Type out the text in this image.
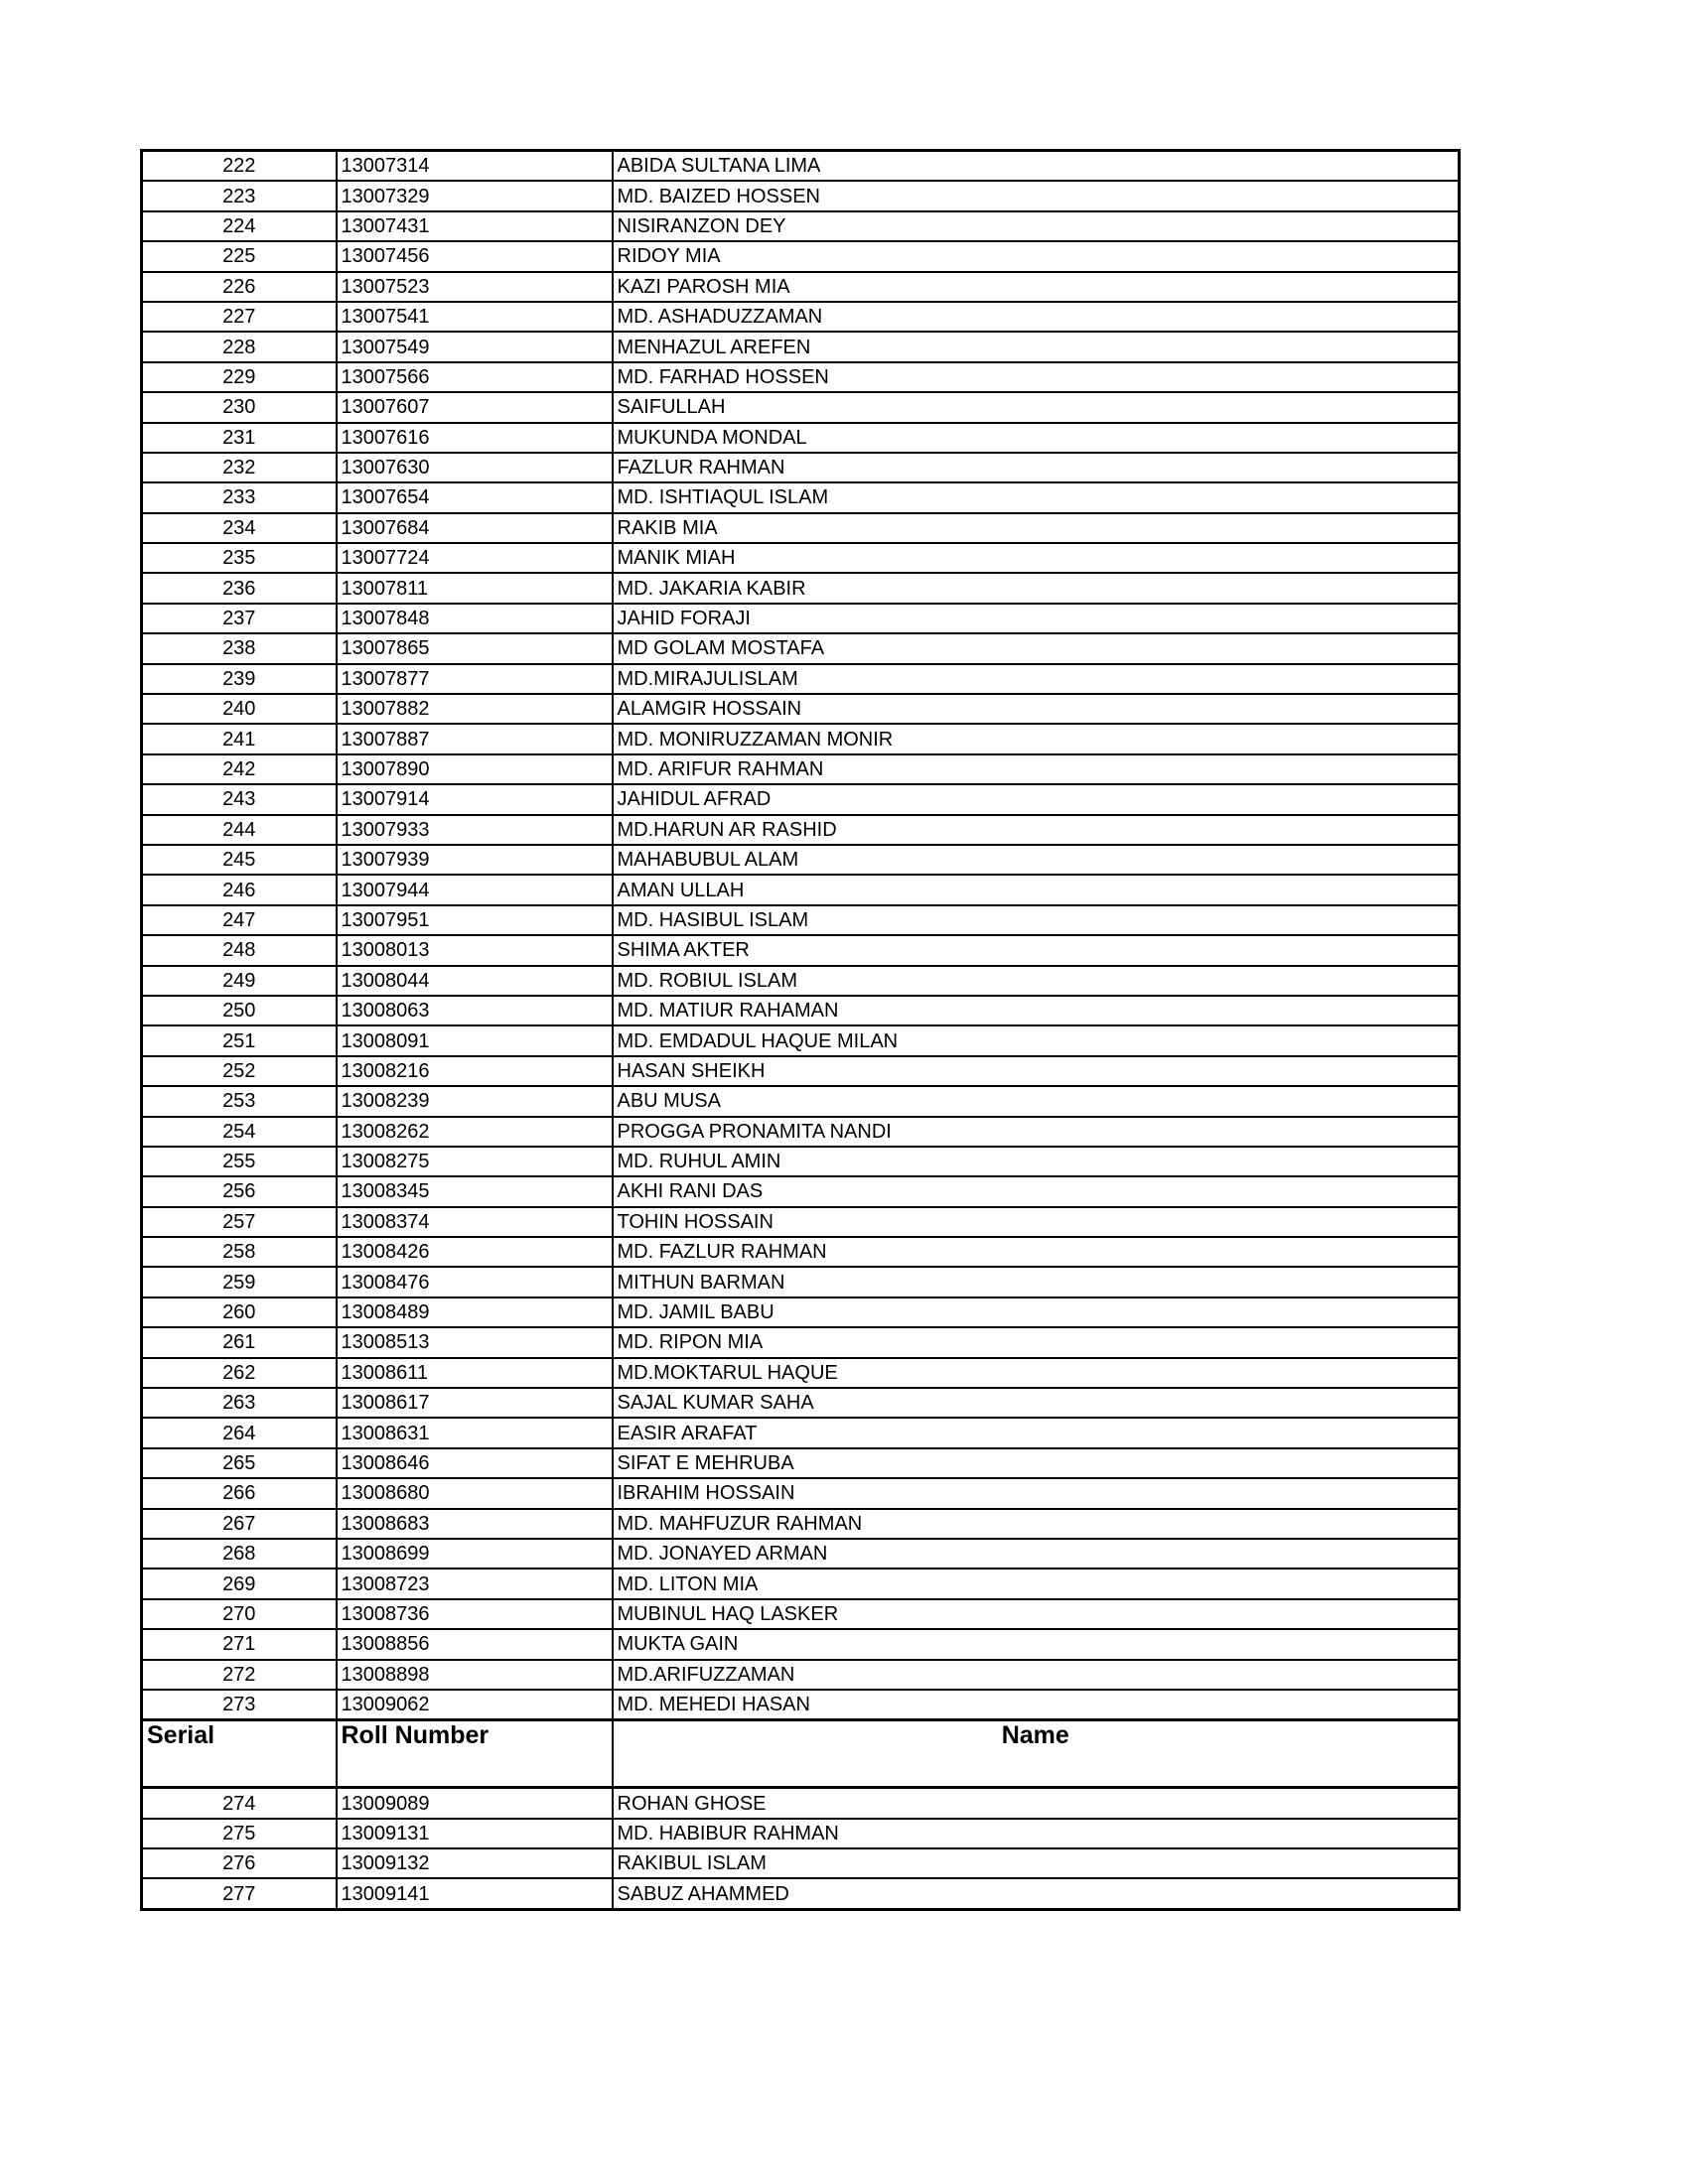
222	13007314	ABIDA SULTANA LIMA
223	13007329	MD. BAIZED HOSSEN
224	13007431	NISIRANZON DEY
225	13007456	RIDOY MIA
226	13007523	KAZI PAROSH MIA
227	13007541	MD. ASHADUZZAMAN
228	13007549	MENHAZUL AREFEN
229	13007566	MD. FARHAD HOSSEN
230	13007607	SAIFULLAH
231	13007616	MUKUNDA MONDAL
232	13007630	FAZLUR RAHMAN
233	13007654	MD. ISHTIAQUL ISLAM
234	13007684	RAKIB MIA
235	13007724	MANIK MIAH
236	13007811	MD. JAKARIA KABIR
237	13007848	JAHID FORAJI
238	13007865	MD GOLAM MOSTAFA
239	13007877	MD.MIRAJULISLAM
240	13007882	ALAMGIR HOSSAIN
241	13007887	MD. MONIRUZZAMAN MONIR
242	13007890	MD. ARIFUR RAHMAN
243	13007914	JAHIDUL AFRAD
244	13007933	MD.HARUN AR RASHID
245	13007939	MAHABUBUL ALAM
246	13007944	AMAN ULLAH
247	13007951	MD. HASIBUL ISLAM
248	13008013	SHIMA AKTER
249	13008044	MD. ROBIUL ISLAM
250	13008063	MD. MATIUR RAHAMAN
251	13008091	MD. EMDADUL HAQUE MILAN
252	13008216	HASAN SHEIKH
253	13008239	ABU MUSA
254	13008262	PROGGA PRONAMITA NANDI
255	13008275	MD. RUHUL AMIN
256	13008345	AKHI RANI DAS
257	13008374	TOHIN HOSSAIN
258	13008426	MD. FAZLUR RAHMAN
259	13008476	MITHUN BARMAN
260	13008489	MD. JAMIL BABU
261	13008513	MD. RIPON MIA
262	13008611	MD.MOKTARUL HAQUE
263	13008617	SAJAL KUMAR SAHA
264	13008631	EASIR ARAFAT
265	13008646	SIFAT E MEHRUBA
266	13008680	IBRAHIM HOSSAIN
267	13008683	MD. MAHFUZUR RAHMAN
268	13008699	MD. JONAYED ARMAN
269	13008723	MD. LITON MIA
270	13008736	MUBINUL HAQ LASKER
271	13008856	MUKTA GAIN
272	13008898	MD.ARIFUZZAMAN
273	13009062	MD. MEHEDI HASAN
Serial	Roll Number	Name
274	13009089	ROHAN GHOSE
275	13009131	MD. HABIBUR RAHMAN
276	13009132	RAKIBUL ISLAM
277	13009141	SABUZ AHAMMED
